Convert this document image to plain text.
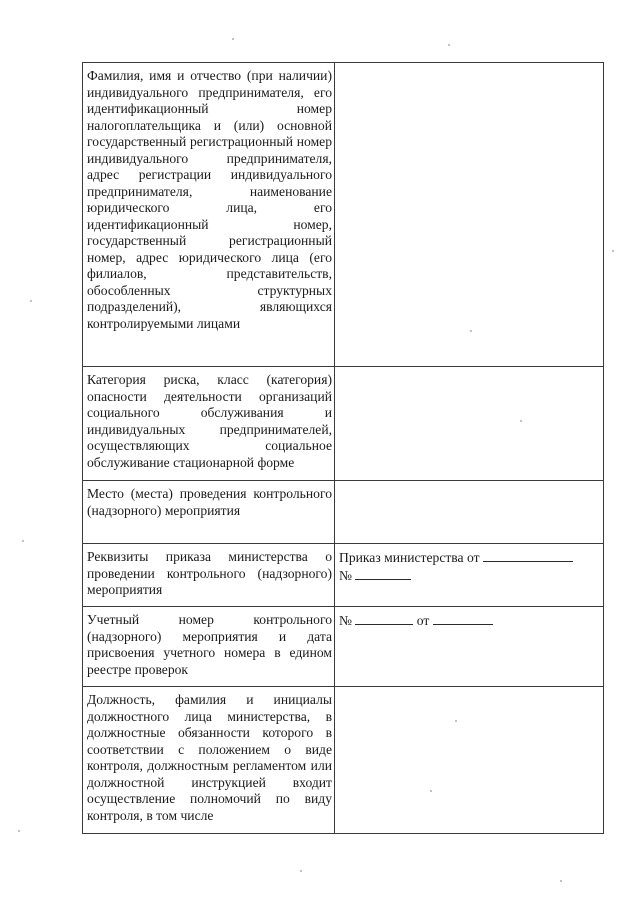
Фамилия, имя и отчество (при наличии) индивидуального предпринимателя, его идентификационный номер налогоплательщика и (или) основной государственный регистрационный номер индивидуального предпринимателя, адрес регистрации индивидуального предпринимателя, наименование юридического лица, его идентификационный номер, государственный регистрационный номер, адрес юридического лица (его филиалов, представительств, обособленных структурных подразделений), являющихся контролируемыми лицами	
Категория риска, класс (категория) опасности деятельности организаций социального обслуживания и индивидуальных предпринимателей, осуществляющих социальное обслуживание стационарной форме	
Место (места) проведения контрольного (надзорного) мероприятия	
Реквизиты приказа министерства о проведении контрольного (надзорного) мероприятия	Приказ министерства от
№
Учетный номер контрольного (надзорного) мероприятия и дата присвоения учетного номера в едином реестре проверок	№ от
Должность, фамилия и инициалы должностного лица министерства, в должностные обязанности которого в соответствии с положением о виде контроля, должностным регламентом или должностной инструкцией входит осуществление полномочий по виду контроля, в том числе	
